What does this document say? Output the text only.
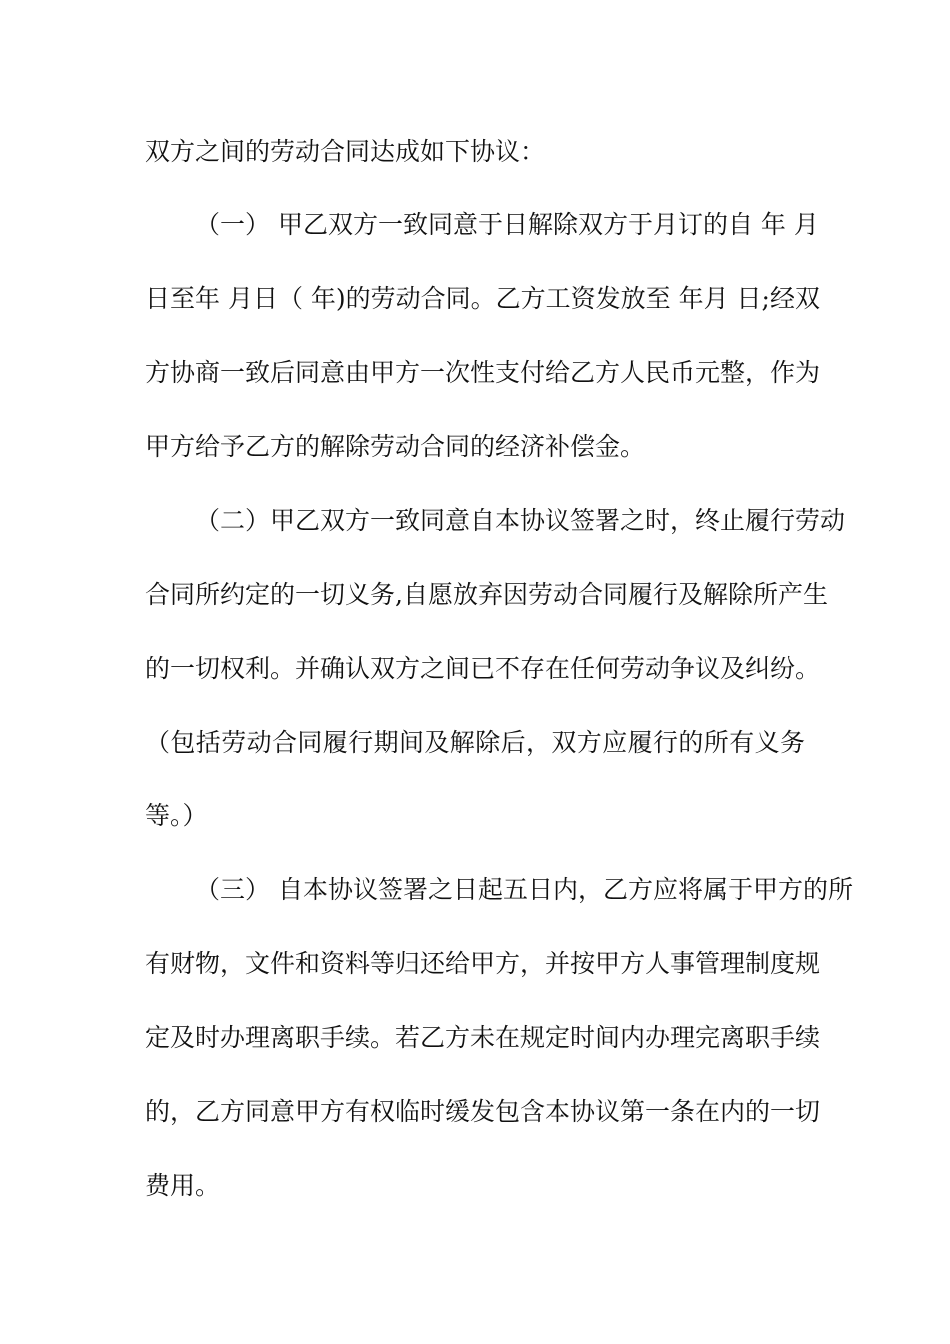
双方之间的劳动合同达成如下协议：
（一） 甲乙双方一致同意于日解除双方于月订的自 年 月
日至年 月日（ 年)的劳动合同。乙方工资发放至 年月 日;经双
方协商一致后同意由甲方一次性支付给乙方人民币元整，作为
甲方给予乙方的解除劳动合同的经济补偿金。
（二）甲乙双方一致同意自本协议签署之时，终止履行劳动
合同所约定的一切义务,自愿放弃因劳动合同履行及解除所产生
的一切权利。并确认双方之间已不存在任何劳动争议及纠纷。
（包括劳动合同履行期间及解除后，双方应履行的所有义务
等。）
（三） 自本协议签署之日起五日内，乙方应将属于甲方的所
有财物，文件和资料等归还给甲方，并按甲方人事管理制度规
定及时办理离职手续。若乙方未在规定时间内办理完离职手续
的，乙方同意甲方有权临时缓发包含本协议第一条在内的一切
费用。
